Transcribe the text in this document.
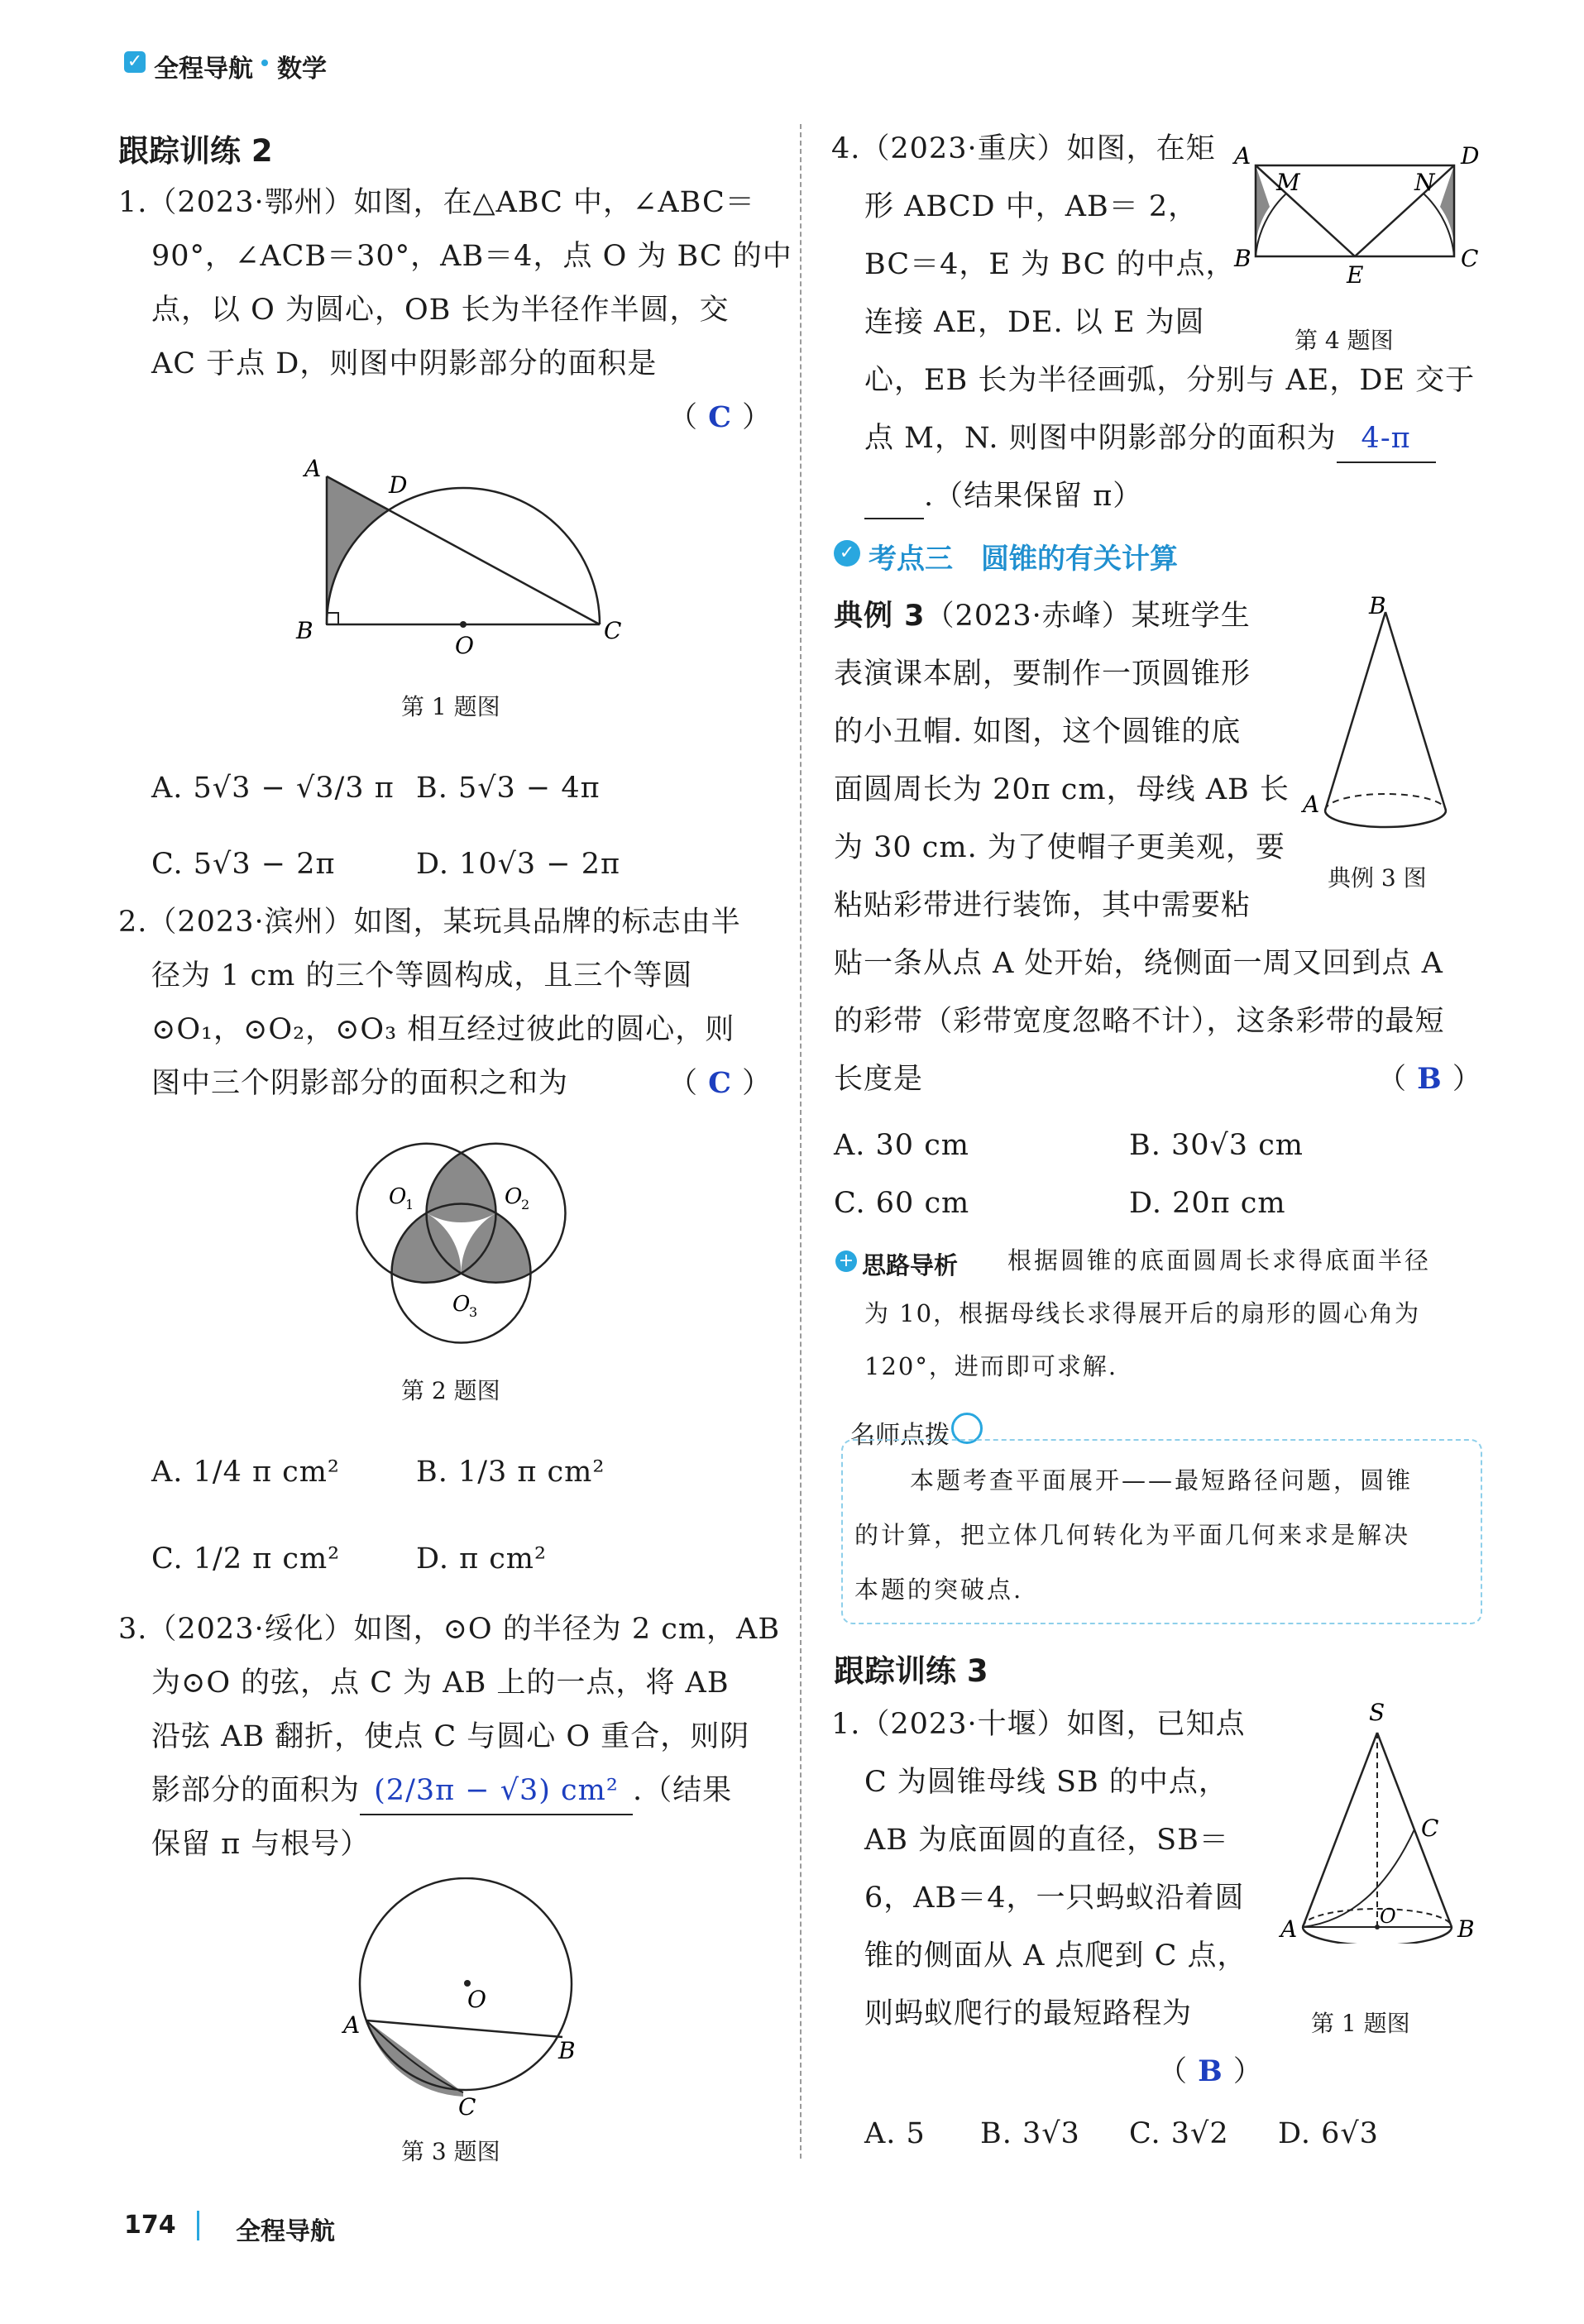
✓ 全程导航 数学
跟踪训练 2
1.（2023·鄂州）如图，在△ABC 中，∠ABC＝
90°，∠ACB＝30°，AB＝4，点 O 为 BC 的中
点，以 O 为圆心，OB 长为半径作半圆，交
AC 于点 D，则图中阴影部分的面积是
（ C ）
A
D
B
O
C
第 1 题图
A. 5√3 − √3/3 π B. 5√3 − 4π
C. 5√3 − 2π	D. 10√3 − 2π
2.（2023·滨州）如图，某玩具品牌的标志由半
径为 1 cm 的三个等圆构成，且三个等圆
⊙O₁，⊙O₂，⊙O₃ 相互经过彼此的圆心，则
图中三个阴影部分的面积之和为	（ C ）
O
1	O
2
O
3
第 2 题图
A. 1/4 π cm²	B. 1/3 π cm²
C. 1/2 π cm²	D. π cm²
3.（2023·绥化）如图，⊙O 的半径为 2 cm，AB
为⊙O 的弦，点 C 为 AB 上的一点，将 AB
沿弦 AB 翻折，使点 C 与圆心 O 重合，则阴
影部分的面积为 (2/3π − √3) cm² .（结果
保留 π 与根号）
O
A
B
C
第 3 题图
4.（2023·重庆）如图，在矩
形 ABCD 中，AB＝ 2，
BC＝4，E 为 BC 的中点，
连接 AE，DE. 以 E 为圆
心，EB 长为半径画弧，分别与 AE，DE 交于
点 M，N. 则图中阴影部分的面积为 4-π
.（结果保留 π）
A	D
B	C
E
M	N
第 4 题图
✓ 考点三　圆锥的有关计算
典例 3（2023·赤峰）某班学生
表演课本剧，要制作一顶圆锥形
的小丑帽. 如图，这个圆锥的底
面圆周长为 20π cm，母线 AB 长
为 30 cm. 为了使帽子更美观，要
粘贴彩带进行装饰，其中需要粘
贴一条从点 A 处开始，绕侧面一周又回到点 A
的彩带（彩带宽度忽略不计），这条彩带的最短
长度是	（ B ）
B
A
典例 3 图
A. 30 cm	B. 30√3 cm
C. 60 cm	D. 20π cm
+ 思路导析 根据圆锥的底面圆周长求得底面半径
为 10，根据母线长求得展开后的扇形的圆心角为
120°，进而即可求解.
名师点拨
本题考查平面展开——最短路径问题，圆锥
的计算，把立体几何转化为平面几何来求是解决
本题的突破点.
跟踪训练 3
1.（2023·十堰）如图，已知点
C 为圆锥母线 SB 的中点，
AB 为底面圆的直径，SB＝
6，AB＝4，一只蚂蚁沿着圆
锥的侧面从 A 点爬到 C 点，
则蚂蚁爬行的最短路程为
（ B ）
S
C
A	B
O
第 1 题图
A. 5 B. 3√3 C. 3√2 D. 6√3
174 全程导航
